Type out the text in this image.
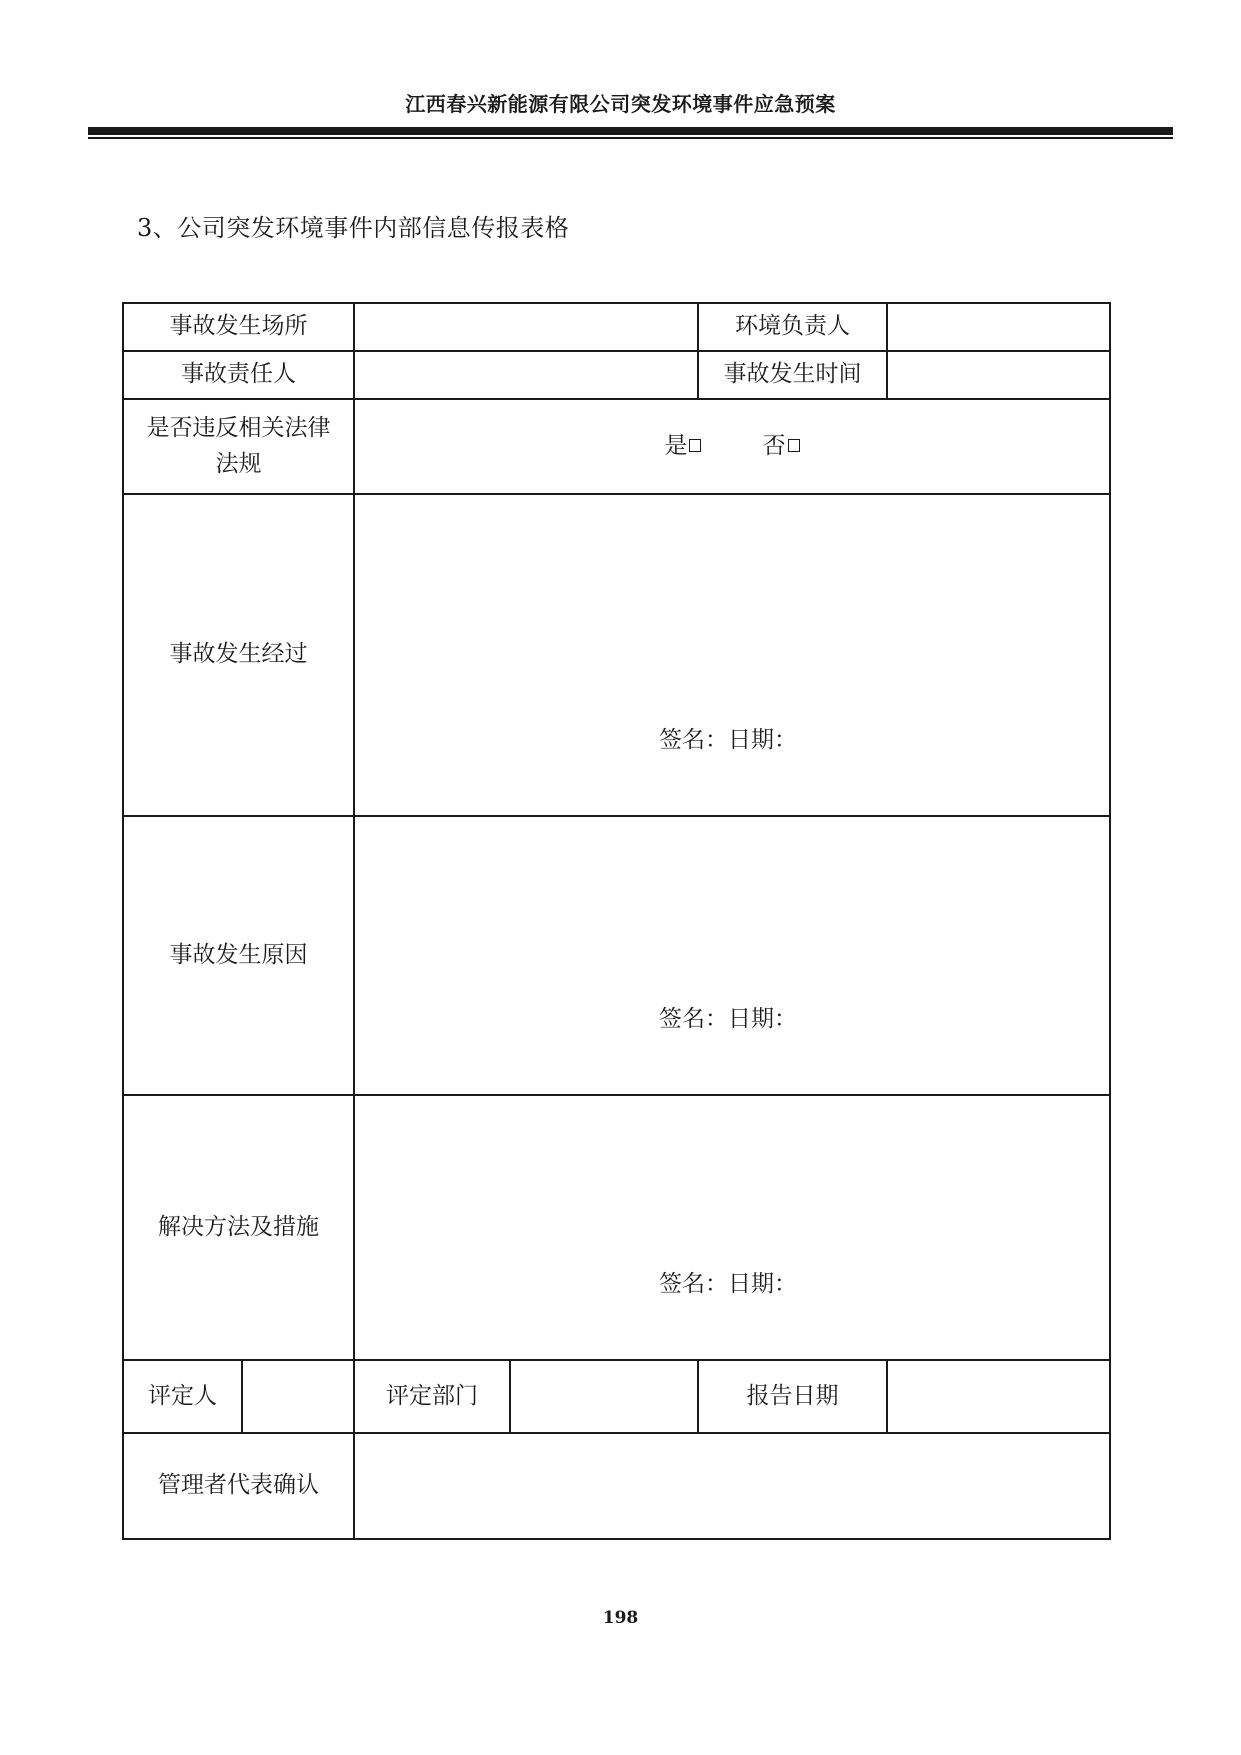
江西春兴新能源有限公司突发环境事件应急预案
3、公司突发环境事件内部信息传报表格
事故发生场所				环境负责人	
事故责任人				事故发生时间	
是否违反相关法律法规		是 否			
事故发生经过		签名：日期：			

事故发生原因		签名：日期：			

解决方法及措施		签名：日期：			

评定人		评定部门		报告日期	
管理者代表确认					
198
